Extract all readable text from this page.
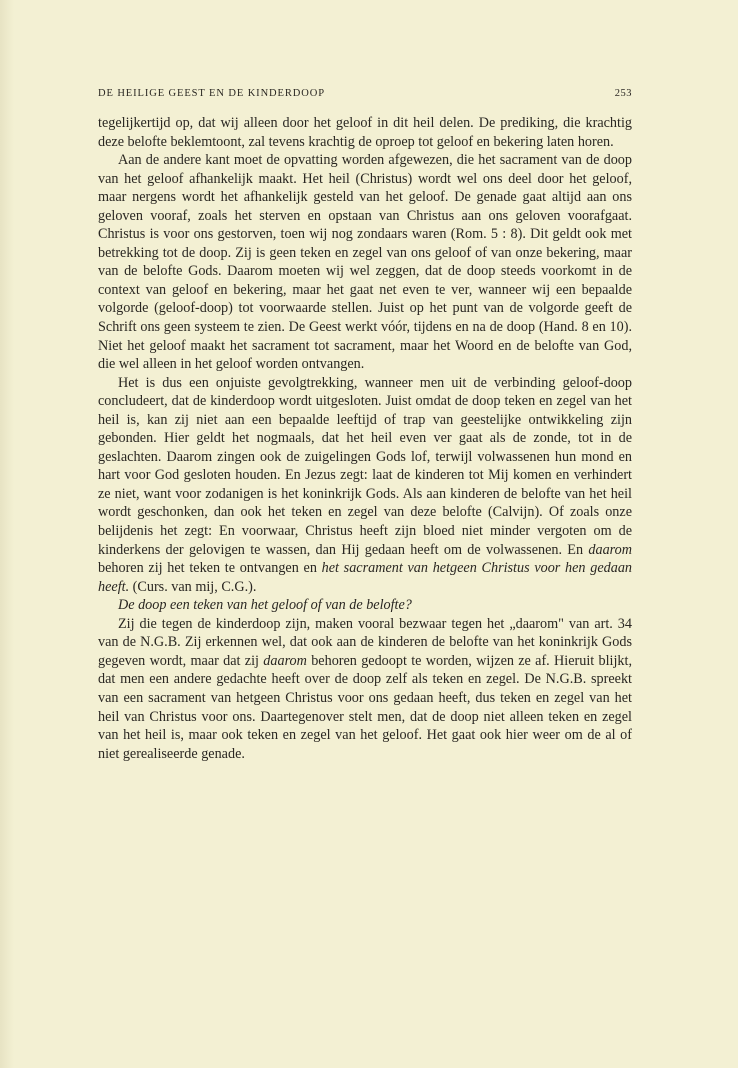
DE HEILIGE GEEST EN DE KINDERDOOP	253

tegelijkertijd op, dat wij alleen door het geloof in dit heil delen. De prediking, die krachtig deze belofte beklemtoont, zal tevens krachtig de oproep tot geloof en bekering laten horen.

Aan de andere kant moet de opvatting worden afgewezen, die het sacrament van de doop van het geloof afhankelijk maakt. Het heil (Christus) wordt wel ons deel door het geloof, maar nergens wordt het afhankelijk gesteld van het geloof. De genade gaat altijd aan ons geloven vooraf, zoals het sterven en opstaan van Christus aan ons geloven voorafgaat. Christus is voor ons gestorven, toen wij nog zondaars waren (Rom. 5 : 8). Dit geldt ook met betrekking tot de doop. Zij is geen teken en zegel van ons geloof of van onze bekering, maar van de belofte Gods. Daarom moeten wij wel zeggen, dat de doop steeds voorkomt in de context van geloof en bekering, maar het gaat net even te ver, wanneer wij een bepaalde volgorde (geloof-doop) tot voorwaarde stellen. Juist op het punt van de volgorde geeft de Schrift ons geen systeem te zien. De Geest werkt vóór, tijdens en na de doop (Hand. 8 en 10). Niet het geloof maakt het sacrament tot sacrament, maar het Woord en de belofte van God, die wel alleen in het geloof worden ontvangen.

Het is dus een onjuiste gevolgtrekking, wanneer men uit de verbinding geloof-doop concludeert, dat de kinderdoop wordt uitgesloten. Juist omdat de doop teken en zegel van het heil is, kan zij niet aan een bepaalde leeftijd of trap van geestelijke ontwikkeling zijn gebonden. Hier geldt het nogmaals, dat het heil even ver gaat als de zonde, tot in de geslachten. Daarom zingen ook de zuigelingen Gods lof, terwijl volwassenen hun mond en hart voor God gesloten houden. En Jezus zegt: laat de kinderen tot Mij komen en verhindert ze niet, want voor zodanigen is het koninkrijk Gods. Als aan kinderen de belofte van het heil wordt geschonken, dan ook het teken en zegel van deze belofte (Calvijn). Of zoals onze belijdenis het zegt: En voorwaar, Christus heeft zijn bloed niet minder vergoten om de kinderkens der gelovigen te wassen, dan Hij gedaan heeft om de volwassenen. En daarom behoren zij het teken te ontvangen en het sacrament van hetgeen Christus voor hen gedaan heeft. (Curs. van mij, C.G.).

De doop een teken van het geloof of van de belofte?

Zij die tegen de kinderdoop zijn, maken vooral bezwaar tegen het „daarom" van art. 34 van de N.G.B. Zij erkennen wel, dat ook aan de kinderen de belofte van het koninkrijk Gods gegeven wordt, maar dat zij daarom behoren gedoopt te worden, wijzen ze af. Hieruit blijkt, dat men een andere gedachte heeft over de doop zelf als teken en zegel. De N.G.B. spreekt van een sacrament van hetgeen Christus voor ons gedaan heeft, dus teken en zegel van het heil van Christus voor ons. Daartegenover stelt men, dat de doop niet alleen teken en zegel van het heil is, maar ook teken en zegel van het geloof. Het gaat ook hier weer om de al of niet gerealiseerde genade.
